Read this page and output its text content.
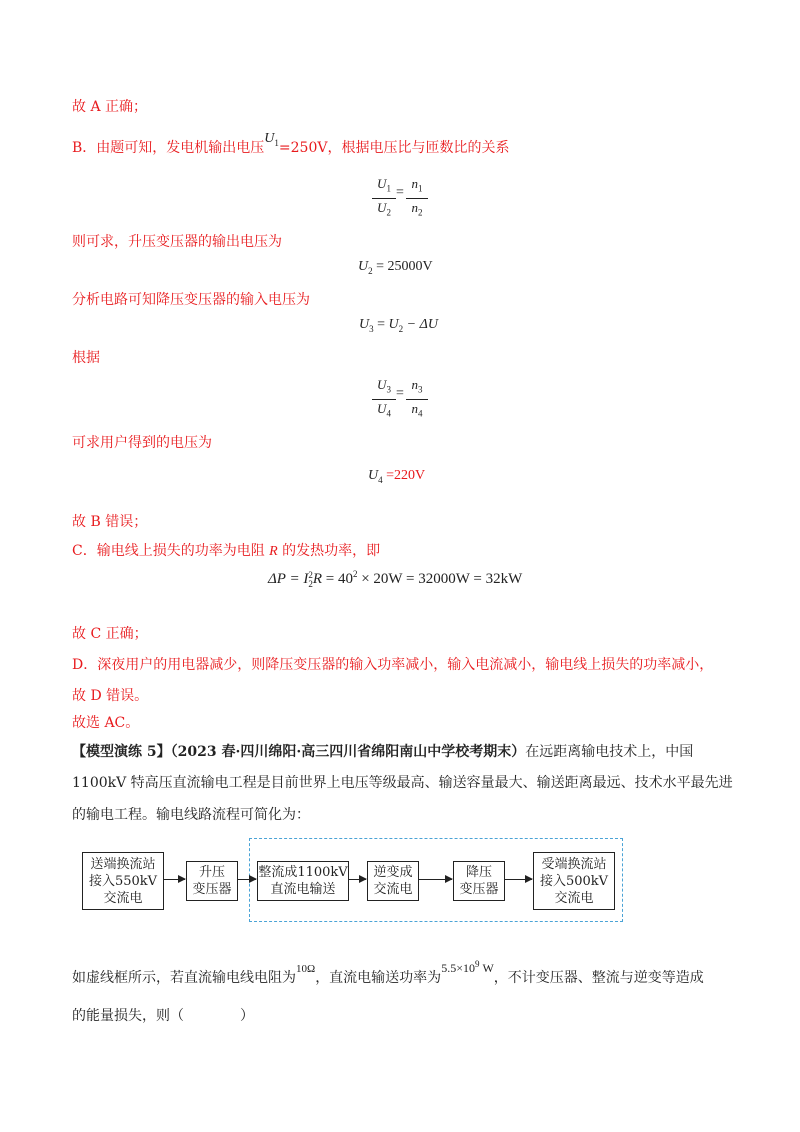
故 A 正确；
B．由题可知，发电机输出电压$U_1=250V$，根据电压比与匝数比的关系
$U_1$
$U_2$
=
$n_1$
$n_2$
则可求，升压变压器的输出电压为
$U_2 = 25000V$
分析电路可知降压变压器的输入电压为
$U_3 = U_2 - \Delta U$
根据
$U_3$
$U_4$
=
$n_3$
$n_4$
可求用户得到的电压为
$U_4 =220V$
故 B 错误；
C．输电线上损失的功率为电阻 R 的发热功率，即
ΔP = I 2
2 $R = 40^2 \times 20W = 32000W = 32kW$
故 C 正确；
D．深夜用户的用电器减少，则降压变压器的输入功率减小，输入电流减小，输电线上损失的功率减小，
故 D 错误。
故选 AC。
【模型演练 5】（2023 春·四川绵阳·高三四川省绵阳南山中学校考期末）在远距离输电技术上，中国
1100kV 特高压直流输电工程是目前世界上电压等级最高、输送容量最大、输送距离最远、技术水平最先进
的输电工程。输电线路流程可简化为：
送端换流站
接入550kV
交流电
升压
变压器
整流成1100kV
直流电输送
逆变成
交流电
降压
变压器
受端换流站
接入500kV
交流电
如虚线框所示，若直流输电线电阻为$^{10\Omega}$，直流电输送功率为$5.5\times 10^9$ W，不计变压器、整流与逆变等造成
的能量损失，则（　　　　）
